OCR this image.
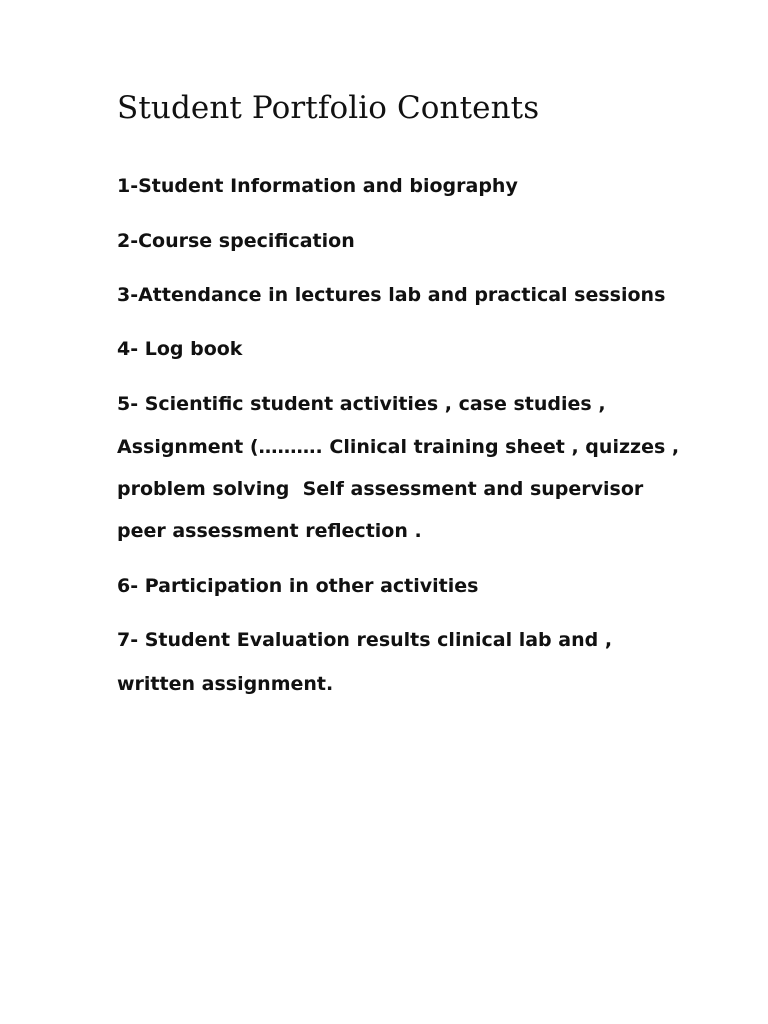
Student Portfolio Contents

1-Student Information and biography

2-Course specification

3-Attendance in lectures lab and practical sessions

4- Log book

5- Scientific student activities , case studies ,

Assignment (………. Clinical training sheet , quizzes ,

problem solving  Self assessment and supervisor

peer assessment reflection .

6- Participation in other activities

7- Student Evaluation results clinical lab and ,

written assignment.
